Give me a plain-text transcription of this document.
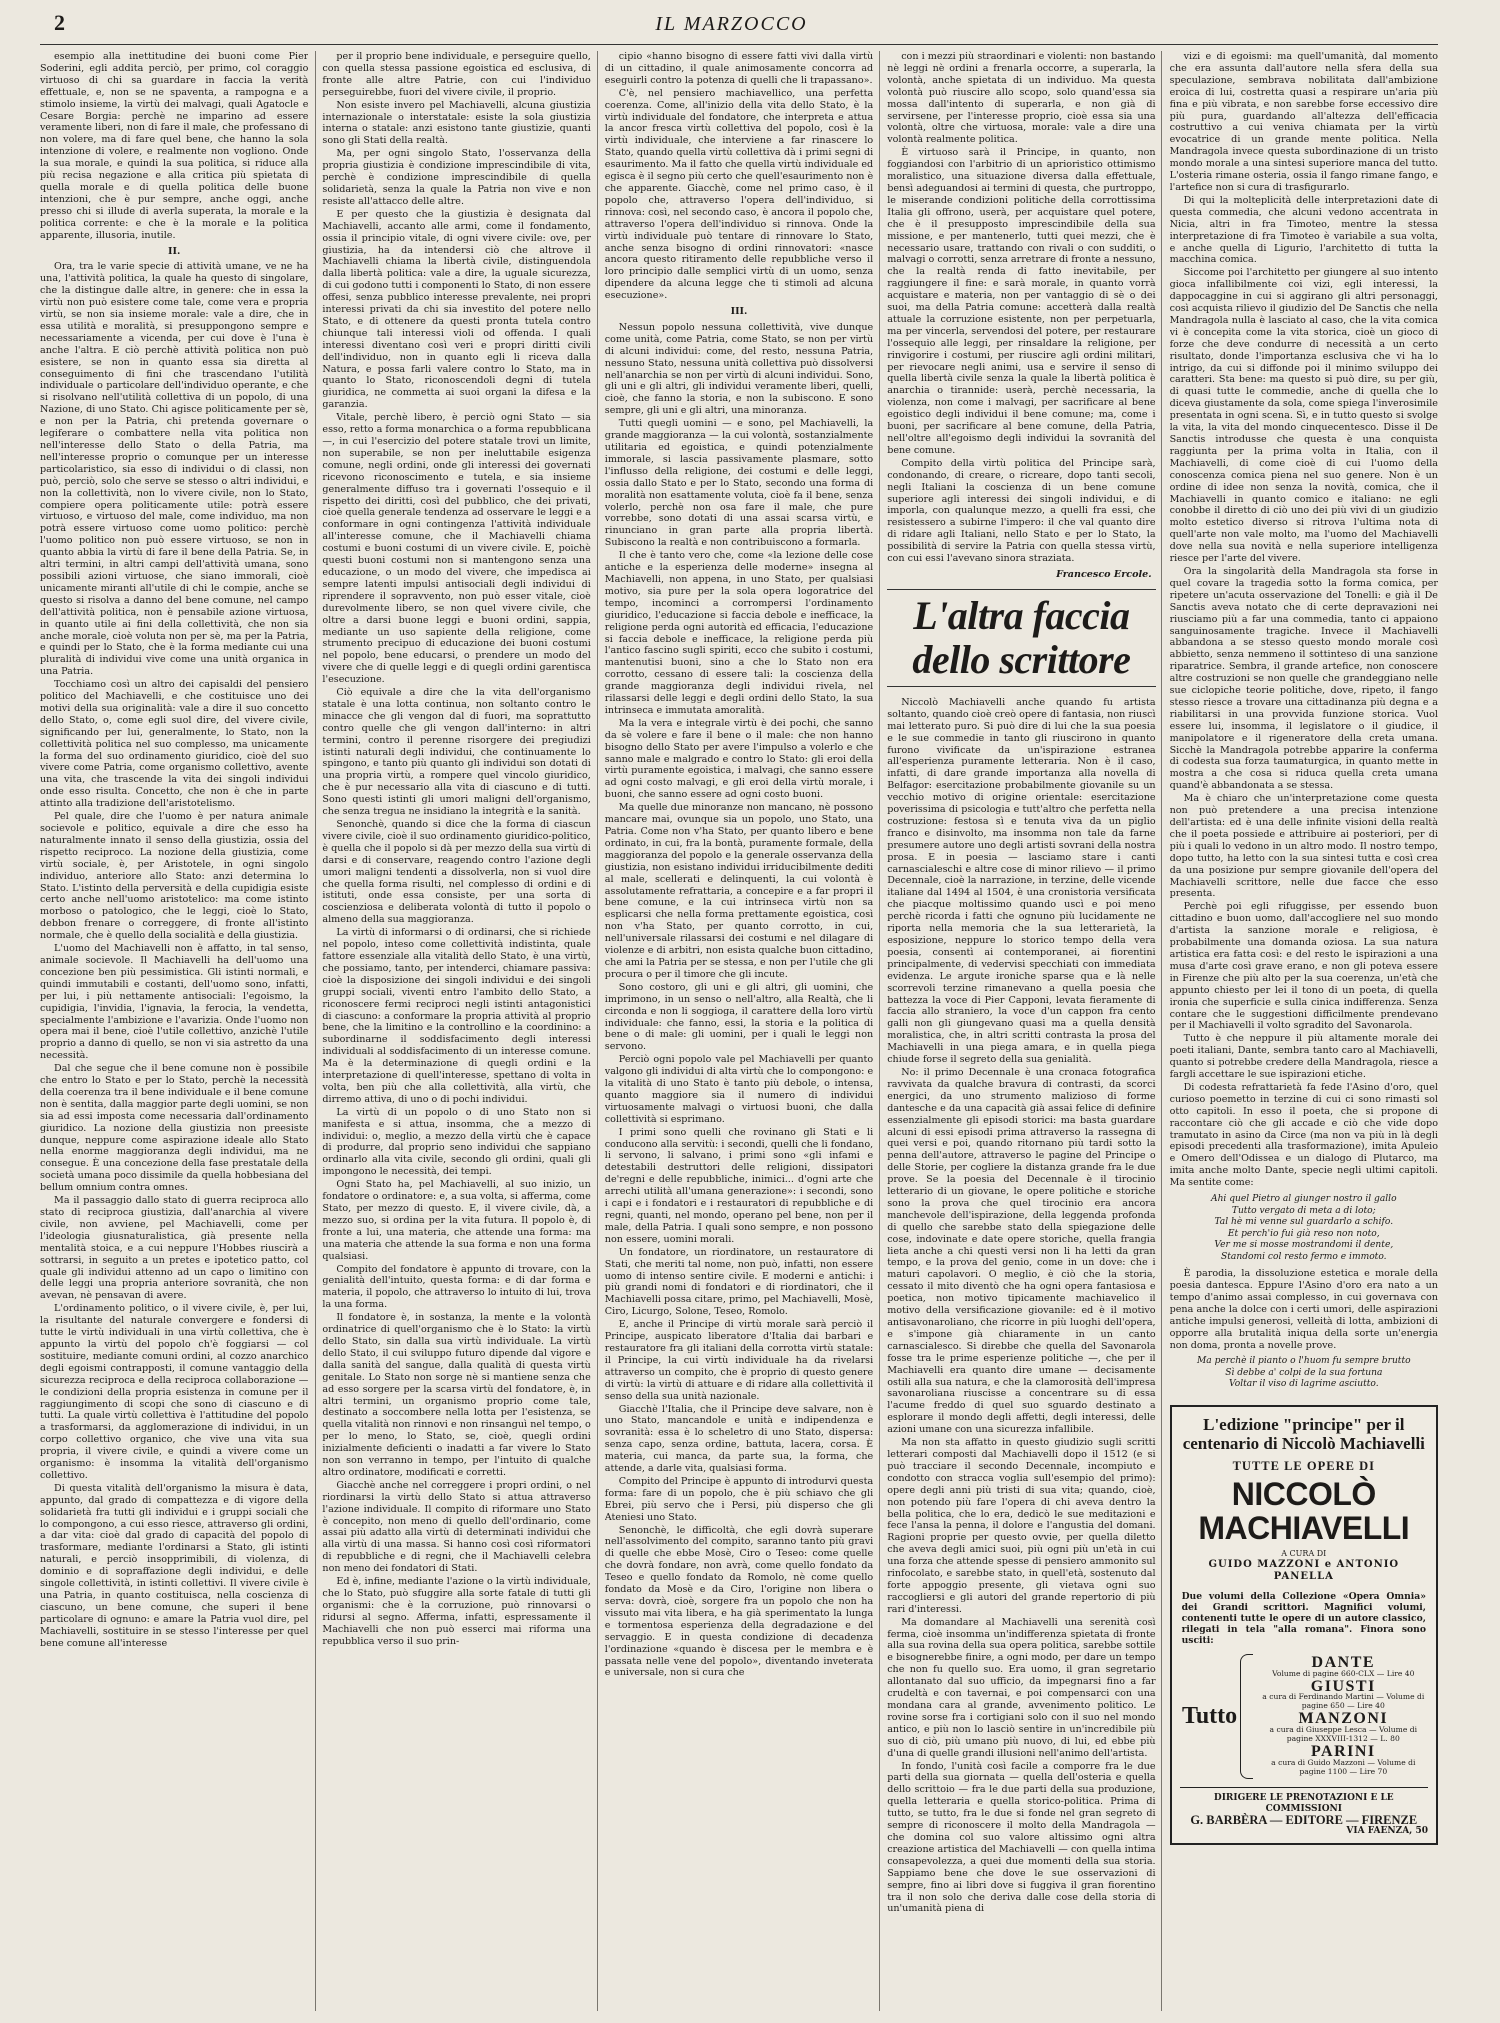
2	IL MARZOCCO

esempio alla inettitudine dei buoni come Pier Soderini, egli addita perciò, per primo, col coraggio virtuoso di chi sa guardare in faccia la verità effettuale, e, non se ne spaventa, a rampogna e a stimolo insieme, la virtù dei malvagi, quali Agatocle e Cesare Borgia: perchè ne imparino ad essere veramente liberi, non di fare il male, che professano di non volere, ma di fare quel bene, che hanno la sola intenzione di volere, e realmente non vogliono. Onde la sua morale, e quindi la sua politica, si riduce alla più recisa negazione e alla critica più spietata di quella morale e di quella politica delle buone intenzioni, che è pur sempre, anche oggi, anche presso chi si illude di averla superata, la morale e la politica corrente: e che è la morale e la politica apparente, illusoria, inutile.

II.

Ora, tra le varie specie di attività umane, ve ne ha una, l'attività politica, la quale ha questo di singolare, che la distingue dalle altre, in genere: che in essa la virtù non può esistere come tale, come vera e propria virtù, se non sia insieme morale: vale a dire, che in essa utilità e moralità, si presuppongono sempre e necessariamente a vicenda, per cui dove è l'una è anche l'altra. E ciò perchè attività politica non può esistere, se non in quanto essa sia diretta al conseguimento di fini che trascendano l'utilità individuale o particolare dell'individuo operante, e che si risolvano nell'utilità collettiva di un popolo, di una Nazione, di uno Stato. Chi agisce politicamente per sè, e non per la Patria, chi pretenda governare o legiferare o combattere nella vita politica non nell'interesse dello Stato o della Patria, ma nell'interesse proprio o comunque per un interesse particolaristico, sia esso di individui o di classi, non può, perciò, solo che serve se stesso o altri individui, e non la collettività, non lo vivere civile, non lo Stato, compiere opera politicamente utile: potrà essere virtuoso, e virtuoso del male, come individuo, ma non potrà essere virtuoso come uomo politico: perchè l'uomo politico non può essere virtuoso, se non in quanto abbia la virtù di fare il bene della Patria. Se, in altri termini, in altri campi dell'attività umana, sono possibili azioni virtuose, che siano immorali, cioè unicamente miranti all'utile di chi le compie, anche se questo si risolva a danno del bene comune, nel campo dell'attività politica, non è pensabile azione virtuosa, in quanto utile ai fini della collettività, che non sia anche morale, cioè voluta non per sè, ma per la Patria, e quindi per lo Stato, che è la forma mediante cui una pluralità di individui vive come una unità organica in una Patria.

Tocchiamo così un altro dei capisaldi del pensiero politico del Machiavelli, e che costituisce uno dei motivi della sua originalità: vale a dire il suo concetto dello Stato, o, come egli suol dire, del vivere civile, significando per lui, generalmente, lo Stato, non la collettività politica nel suo complesso, ma unicamente la forma del suo ordinamento giuridico, cioè del suo vivere come Patria, come organismo collettivo, avente una vita, che trascende la vita dei singoli individui onde esso risulta. Concetto, che non è che in parte attinto alla tradizione dell'aristotelismo.

Pel quale, dire che l'uomo è per natura animale socievole e politico, equivale a dire che esso ha naturalmente innato il senso della giustizia, ossia del rispetto reciproco. La nozione della giustizia, come virtù sociale, è, per Aristotele, in ogni singolo individuo, anteriore allo Stato: anzi determina lo Stato. L'istinto della perversità e della cupidigia esiste certo anche nell'uomo aristotelico: ma come istinto morboso o patologico, che le leggi, cioè lo Stato, debbon frenare o correggere, di fronte all'istinto normale, che è quello della socialità e della giustizia.

L'uomo del Machiavelli non è affatto, in tal senso, animale socievole. Il Machiavelli ha dell'uomo una concezione ben più pessimistica. Gli istinti normali, e quindi immutabili e costanti, dell'uomo sono, infatti, per lui, i più nettamente antisociali: l'egoismo, la cupidigia, l'invidia, l'ignavia, la ferocia, la vendetta, specialmente l'ambizione e l'avarizia. Onde l'uomo non opera mai il bene, cioè l'utile collettivo, anzichè l'utile proprio a danno di quello, se non vi sia astretto da una necessità.

Dal che segue che il bene comune non è possibile che entro lo Stato e per lo Stato, perchè la necessità della coerenza tra il bene individuale e il bene comune non è sentita, dalla maggior parte degli uomini, se non sia ad essi imposta come necessaria dall'ordinamento giuridico. La nozione della giustizia non preesiste dunque, neppure come aspirazione ideale allo Stato nella enorme maggioranza degli individui, ma ne consegue. È una concezione della fase prestatale della società umana poco dissimile da quella hobbesiana del bellum omnium contra omnes.

Ma il passaggio dallo stato di guerra reciproca allo stato di reciproca giustizia, dall'anarchia al vivere civile, non avviene, pel Machiavelli, come per l'ideologia giusnaturalistica, già presente nella mentalità stoica, e a cui neppure l'Hobbes riuscirà a sottrarsi, in seguito a un pretes e ipotetico patto, col quale gli individui attenno ad un capo o limitino con delle leggi una propria anteriore sovranità, che non avevan, nè pensavan di avere.

L'ordinamento politico, o il vivere civile, è, per lui, la risultante del naturale convergere e fondersi di tutte le virtù individuali in una virtù collettiva, che è appunto la virtù del popolo ch'è foggiarsi — col sostituire, mediante comuni ordini, al cozzo anarchico degli egoismi contrapposti, il comune vantaggio della sicurezza reciproca e della reciproca collaborazione — le condizioni della propria esistenza in comune per il raggiungimento di scopi che sono di ciascuno e di tutti. La quale virtù collettiva è l'attitudine del popolo a trasformarsi, da agglomerazione di individui, in un corpo collettivo organico, che vive una vita sua propria, il vivere civile, e quindi a vivere come un organismo: è insomma la vitalità dell'organismo collettivo.

Di questa vitalità dell'organismo la misura è data, appunto, dal grado di compattezza e di vigore della solidarietà fra tutti gli individui e i gruppi sociali che lo compongono, a cui esso riesce, attraverso gli ordini, a dar vita: cioè dal grado di capacità del popolo di trasformare, mediante l'ordinarsi a Stato, gli istinti naturali, e perciò insopprimibili, di violenza, di dominio e di sopraffazione degli individui, e delle singole collettività, in istinti collettivi. Il vivere civile è una Patria, in quanto costituisca, nella coscienza di ciascuno, un bene comune, che superi il bene particolare di ognuno: e amare la Patria vuol dire, pel Machiavelli, sostituire in se stesso l'interesse per quel bene comune all'interesse

per il proprio bene individuale, e perseguire quello, con quella stessa passione egoistica ed esclusiva, di fronte alle altre Patrie, con cui l'individuo perseguirebbe, fuori del vivere civile, il proprio.

Non esiste invero pel Machiavelli, alcuna giustizia internazionale o interstatale: esiste la sola giustizia interna o statale: anzi esistono tante giustizie, quanti sono gli Stati della realtà.

Ma, per ogni singolo Stato, l'osservanza della propria giustizia è condizione imprescindibile di vita, perchè è condizione imprescindibile di quella solidarietà, senza la quale la Patria non vive e non resiste all'attacco delle altre.

E per questo che la giustizia è designata dal Machiavelli, accanto alle armi, come il fondamento, ossia il principio vitale, di ogni vivere civile: ove, per giustizia, ha da intendersi ciò che altrove il Machiavelli chiama la libertà civile, distinguendola dalla libertà politica: vale a dire, la uguale sicurezza, di cui godono tutti i componenti lo Stato, di non essere offesi, senza pubblico interesse prevalente, nei propri interessi privati da chi sia investito del potere nello Stato, e di ottenere da questi pronta tutela contro chiunque tali interessi violi od offenda. I quali interessi diventano così veri e propri diritti civili dell'individuo, non in quanto egli li riceva dalla Natura, e possa farli valere contro lo Stato, ma in quanto lo Stato, riconoscendoli degni di tutela giuridica, ne commetta ai suoi organi la difesa e la garanzia.

Vitale, perchè libero, è perciò ogni Stato — sia esso, retto a forma monarchica o a forma repubblicana —, in cui l'esercizio del potere statale trovi un limite, non superabile, se non per ineluttabile esigenza comune, negli ordini, onde gli interessi dei governati ricevono riconoscimento e tutela, e sia insieme generalmente diffuso tra i governati l'ossequio e il rispetto dei diritti, così del pubblico, che dei privati, cioè quella generale tendenza ad osservare le leggi e a conformare in ogni contingenza l'attività individuale all'interesse comune, che il Machiavelli chiama costumi e buoni costumi di un vivere civile. E, poichè questi buoni costumi non si mantengono senza una educazione, o un modo del vivere, che impedisca ai sempre latenti impulsi antisociali degli individui di riprendere il sopravvento, non può esser vitale, cioè durevolmente libero, se non quel vivere civile, che oltre a darsi buone leggi e buoni ordini, sappia, mediante un uso sapiente della religione, come strumento precipuo di educazione dei buoni costumi nel popolo, bene educarsi, o prendere un modo del vivere che di quelle leggi e di quegli ordini garentisca l'esecuzione.

Ciò equivale a dire che la vita dell'organismo statale è una lotta continua, non soltanto contro le minacce che gli vengon dal di fuori, ma soprattutto contro quelle che gli vengon dall'interno: in altri termini, contro il perenne risorgere dei pregiudizi istinti naturali degli individui, che continuamente lo spingono, e tanto più quanto gli individui son dotati di una propria virtù, a rompere quel vincolo giuridico, che è pur necessario alla vita di ciascuno e di tutti. Sono questi istinti gli umori maligni dell'organismo, che senza tregua ne insidiano la integrità e la sanità.

Senonchè, quando si dice che la forma di ciascun vivere civile, cioè il suo ordinamento giuridico-politico, è quella che il popolo si dà per mezzo della sua virtù di darsi e di conservare, reagendo contro l'azione degli umori maligni tendenti a dissolverla, non si vuol dire che quella forma risulti, nel complesso di ordini e di istituti, onde essa consiste, per una sorta di coscienziosa e deliberata volontà di tutto il popolo o almeno della sua maggioranza.

La virtù di informarsi o di ordinarsi, che si richiede nel popolo, inteso come collettività indistinta, quale fattore essenziale alla vitalità dello Stato, è una virtù, che possiamo, tanto, per intenderci, chiamare passiva: cioè la disposizione dei singoli individui e dei singoli gruppi sociali, viventi entro l'ambito dello Stato, a riconoscere fermi reciproci negli istinti antagonistici di ciascuno: a conformare la propria attività al proprio bene, che la limitino e la controllino e la coordinino: a subordinarne il soddisfacimento degli interessi individuali al soddisfacimento di un interesse comune. Ma è la determinazione di quegli ordini e la interpretazione di quell'interesse, spettano di volta in volta, ben più che alla collettività, alla virtù, che dirremo attiva, di uno o di pochi individui.

La virtù di un popolo o di uno Stato non si manifesta e si attua, insomma, che a mezzo di individui: o, meglio, a mezzo della virtù che è capace di produrre, dal proprio seno individui che sappiano ordinarlo alla vita civile, secondo gli ordini, quali gli impongono le necessità, dei tempi.

Ogni Stato ha, pel Machiavelli, al suo inizio, un fondatore o ordinatore: e, a sua volta, si afferma, come Stato, per mezzo di questo. E, il vivere civile, dà, a mezzo suo, si ordina per la vita futura. Il popolo è, di fronte a lui, una materia, che attende una forma: ma una materia che attende la sua forma e non una forma qualsiasi.

Compito del fondatore è appunto di trovare, con la genialità dell'intuito, questa forma: e di dar forma e materia, il popolo, che attraverso lo intuito di lui, trova la una forma.

Il fondatore è, in sostanza, la mente e la volontà ordinatrice di quell'organismo che è lo Stato: la virtù dello Stato, sin dalla sua virtù individuale. La virtù dello Stato, il cui sviluppo futuro dipende dal vigore e dalla sanità del sangue, dalla qualità di questa virtù genitale. Lo Stato non sorge nè si mantiene senza che ad esso sorgere per la scarsa virtù del fondatore, è, in altri termini, un organismo proprio come tale, destinato a soccombere nella lotta per l'esistenza, se quella vitalità non rinnovi e non rinsanguì nel tempo, o per lo meno, lo Stato, se, cioè, quegli ordini inizialmente deficienti o inadatti a far vivere lo Stato non son verranno in tempo, per l'intuito di qualche altro ordinatore, modificati e corretti.

Giacchè anche nel correggere i propri ordini, o nel riordinarsi la virtù dello Stato si attua attraverso l'azione individuale. Il compito di riformare uno Stato è concepito, non meno di quello dell'ordinario, come assai più adatto alla virtù di determinati individui che alla virtù di una massa. Si hanno così così riformatori di repubbliche e di regni, che il Machiavelli celebra non meno dei fondatori di Stati.

Ed è, infine, mediante l'azione o la virtù individuale, che lo Stato, può sfuggire alla sorte fatale di tutti gli organismi: che è la corruzione, può rinnovarsi o ridursi al segno. Afferma, infatti, espressamente il Machiavelli che non può esserci mai riforma una repubblica verso il suo prin-

cipio «hanno bisogno di essere fatti vivi dalla virtù di un cittadino, il quale animosamente concorra ad eseguirli contro la potenza di quelli che li trapassano».

C'è, nel pensiero machiavellico, una perfetta coerenza. Come, all'inizio della vita dello Stato, è la virtù individuale del fondatore, che interpreta e attua la ancor fresca virtù collettiva del popolo, così è la virtù individuale, che interviene a far rinascere lo Stato, quando quella virtù collettiva dà i primi segni di esaurimento. Ma il fatto che quella virtù individuale ed egisca è il segno più certo che quell'esaurimento non è che apparente. Giacchè, come nel primo caso, è il popolo che, attraverso l'opera dell'individuo, si rinnova: così, nel secondo caso, è ancora il popolo che, attraverso l'opera dell'individuo si rinnova. Onde la virtù individuale può tentare di rinnovare lo Stato, anche senza bisogno di ordini rinnovatori: «nasce ancora questo ritiramento delle repubbliche verso il loro principio dalle semplici virtù di un uomo, senza dipendere da alcuna legge che ti stimoli ad alcuna esecuzione».

III.

Nessun popolo nessuna collettività, vive dunque come unità, come Patria, come Stato, se non per virtù di alcuni individui: come, del resto, nessuna Patria, nessuno Stato, nessuna unità collettiva può dissolversi nell'anarchia se non per virtù di alcuni individui. Sono, gli uni e gli altri, gli individui veramente liberi, quelli, cioè, che fanno la storia, e non la subiscono. E sono sempre, gli uni e gli altri, una minoranza.

Tutti quegli uomini — e sono, pel Machiavelli, la grande maggioranza — la cui volontà, sostanzialmente utilitaria ed egoistica, e quindi potenzialmente immorale, si lascia passivamente plasmare, sotto l'influsso della religione, dei costumi e delle leggi, ossia dallo Stato e per lo Stato, secondo una forma di moralità non esattamente voluta, cioè fa il bene, senza volerlo, perchè non osa fare il male, che pure vorrebbe, sono dotati di una assai scarsa virtù, e rinunciano in gran parte alla propria libertà. Subiscono la realtà e non contribuiscono a formarla.

Il che è tanto vero che, come «la lezione delle cose antiche e la esperienza delle moderne» insegna al Machiavelli, non appena, in uno Stato, per qualsiasi motivo, sia pure per la sola opera logoratrice del tempo, incominci a corrompersi l'ordinamento giuridico, l'educazione si faccia debole e inefficace, la religione perda ogni autorità ed efficacia, l'educazione si faccia debole e inefficace, la religione perda più l'antico fascino sugli spiriti, ecco che subito i costumi, mantenutisi buoni, sino a che lo Stato non era corrotto, cessano di essere tali: la coscienza della grande maggioranza degli individui rivela, nel rilassarsi delle leggi e degli ordini dello Stato, la sua intrinseca e immutata amoralità.

Ma la vera e integrale virtù è dei pochi, che sanno da sè volere e fare il bene o il male: che non hanno bisogno dello Stato per avere l'impulso a volerlo e che sanno male e malgrado e contro lo Stato: gli eroi della virtù puramente egoistica, i malvagi, che sanno essere ad ogni costo malvagi, e gli eroi della virtù morale, i buoni, che sanno essere ad ogni costo buoni.

Ma quelle due minoranze non mancano, nè possono mancare mai, ovunque sia un popolo, uno Stato, una Patria. Come non v'ha Stato, per quanto libero e bene ordinato, in cui, fra la bontà, puramente formale, della maggioranza del popolo e la generale osservanza della giustizia, non esistano individui irriducibilmente dediti al male, scellerati e delinquenti, la cui volontà è assolutamente refrattaria, a concepire e a far propri il bene comune, e la cui intrinseca virtù non sa esplicarsi che nella forma prettamente egoistica, così non v'ha Stato, per quanto corrotto, in cui, nell'universale rilassarsi dei costumi e nel dilagare di violenze e di arbitri, non esista qualche buon cittadino, che ami la Patria per se stessa, e non per l'utile che gli procura o per il timore che gli incute.

Sono costoro, gli uni e gli altri, gli uomini, che imprimono, in un senso o nell'altro, alla Realtà, che li circonda e non li soggioga, il carattere della loro virtù individuale: che fanno, essi, la storia e la politica di bene o di male: gli uomini, per i quali le leggi non servono.

Perciò ogni popolo vale pel Machiavelli per quanto valgono gli individui di alta virtù che lo compongono: e la vitalità di uno Stato è tanto più debole, o intensa, quanto maggiore sia il numero di individui virtuosamente malvagi o virtuosi buoni, che dalla collettività si esprimano.

I primi sono quelli che rovinano gli Stati e li conducono alla servitù: i secondi, quelli che li fondano, li servono, li salvano, i primi sono «gli infami e detestabili destruttori delle religioni, dissipatori de'regni e delle repubbliche, inimici... d'ogni arte che arrechi utilità all'umana generazione»: i secondi, sono i capi e i fondatori e i restauratori di repubbliche e di regni, quanti, nel mondo, operano pel bene, non per il male, della Patria. I quali sono sempre, e non possono non essere, uomini morali.

Un fondatore, un riordinatore, un restauratore di Stati, che meriti tal nome, non può, infatti, non essere uomo di intenso sentire civile. E moderni e antichi: i più grandi nomi di fondatori e di riordinatori, che il Machiavelli possa citare, primo, pel Machiavelli, Mosè, Ciro, Licurgo, Solone, Teseo, Romolo.

E, anche il Principe di virtù morale sarà perciò il Principe, auspicato liberatore d'Italia dai barbari e restauratore fra gli italiani della corrotta virtù statale: il Principe, la cui virtù individuale ha da rivelarsi attraverso un compito, che è proprio di questo genere di virtù: la virtù di attuare e di ridare alla collettività il senso della sua unità nazionale.

Giacchè l'Italia, che il Principe deve salvare, non è uno Stato, mancandole e unità e indipendenza e sovranità: essa è lo scheletro di uno Stato, dispersa: senza capo, senza ordine, battuta, lacera, corsa. È materia, cui manca, da parte sua, la forma, che attende, a darle vita, qualsiasi forma.

Compito del Principe è appunto di introdurvi questa forma: fare di un popolo, che è più schiavo che gli Ebrei, più servo che i Persi, più disperso che gli Ateniesi uno Stato.

Senonchè, le difficoltà, che egli dovrà superare nell'assolvimento del compito, saranno tanto più gravi di quelle che ebbe Mosè, Ciro o Teseo: come quelle che dovrà fondare, non avrà, come quello fondato da Teseo e quello fondato da Romolo, nè come quello fondato da Mosè e da Ciro, l'origine non libera o serva: dovrà, cioè, sorgere fra un popolo che non ha vissuto mai vita libera, e ha già sperimentato la lunga e tormentosa esperienza della degradazione e del servaggio. E in questa condizione di decadenza l'ordinazione «quando è discesa per le membra e è passata nelle vene del popolo», diventando inveterata e universale, non si cura che

con i mezzi più straordinari e violenti: non bastando nè leggi nè ordini a frenarla occorre, a superarla, la volontà, anche spietata di un individuo. Ma questa volontà può riuscire allo scopo, solo quand'essa sia mossa dall'intento di superarla, e non già di servirsene, per l'interesse proprio, cioè essa sia una volontà, oltre che virtuosa, morale: vale a dire una volontà realmente politica.

È virtuoso sarà il Principe, in quanto, non foggiandosi con l'arbitrio di un aprioristico ottimismo moralistico, una situazione diversa dalla effettuale, bensì adeguandosi ai termini di questa, che purtroppo, le miserande condizioni politiche della corrottissima Italia gli offrono, userà, per acquistare quel potere, che è il presupposto imprescindibile della sua missione, e per mantenerlo, tutti quei mezzi, che è necessario usare, trattando con rivali o con sudditi, o malvagi o corrotti, senza arretrare di fronte a nessuno, che la realtà renda di fatto inevitabile, per raggiungere il fine: e sarà morale, in quanto vorrà acquistare e materia, non per vantaggio di sè o dei suoi, ma della Patria comune: accetterà dalla realtà attuale la corruzione esistente, non per perpetuarla, ma per vincerla, servendosi del potere, per restaurare l'ossequio alle leggi, per rinsaldare la religione, per rinvigorire i costumi, per riuscire agli ordini militari, per rievocare negli animi, usa e servire il senso di quella libertà civile senza la quale la libertà politica è anarchia o tirannide: userà, perchè necessaria, la violenza, non come i malvagi, per sacrificare al bene egoistico degli individui il bene comune; ma, come i buoni, per sacrificare al bene comune, della Patria, nell'oltre all'egoismo degli individui la sovranità del bene comune.

Compito della virtù politica del Principe sarà, condonando, di creare, o ricreare, dopo tanti secoli, negli Italiani la coscienza di un bene comune superiore agli interessi dei singoli individui, e di imporla, con qualunque mezzo, a quelli fra essi, che resistessero a subirne l'impero: il che val quanto dire di ridare agli Italiani, nello Stato e per lo Stato, la possibilità di servire la Patria con quella stessa virtù, con cui essi l'avevano sinora straziata.

Francesco Ercole.

L'altra faccia dello scrittore

Niccolò Machiavelli anche quando fu artista soltanto, quando cioè creò opere di fantasia, non riuscì mai letterato puro. Si può dire di lui che la sua poesia e le sue commedie in tanto gli riuscirono in quanto furono vivificate da un'ispirazione estranea all'esperienza puramente letteraria. Non è il caso, infatti, di dare grande importanza alla novella di Belfagor: esercitazione probabilmente giovanile su un vecchio motivo di origine orientale: esercitazione poverissima di psicologia e tutt'altro che perfetta nella costruzione: festosa sì e tenuta viva da un piglio franco e disinvolto, ma insomma non tale da farne presumere autore uno degli artisti sovrani della nostra prosa. E in poesia — lasciamo stare i canti carnascialeschi e altre cose di minor rilievo — il primo Decennale, cioè la narrazione, in terzine, delle vicende italiane dal 1494 al 1504, è una cronistoria versificata che piacque moltissimo quando uscì e poi meno perchè ricorda i fatti che ognuno più lucidamente ne riporta nella memoria che la sua letterarietà, la esposizione, neppure lo storico tempo della vera poesia, consentì ai contemporanei, ai fiorentini principalmente, di vedervisi specchiati con immediata evidenza. Le argute ironiche sparse qua e là nelle scorrevoli terzine rimanevano a quella poesia che battezza la voce di Pier Capponi, levata fieramente di faccia allo straniero, la voce d'un cappon fra cento galli non gli giungevano quasi ma a quella densità moralistica, che, in altri scritti contrasta la prosa del Machiavelli in una piega amara, e in quella piega chiude forse il segreto della sua genialità.

No: il primo Decennale è una cronaca fotografica ravvivata da qualche bravura di contrasti, da scorci energici, da uno strumento malizioso di forme dantesche e da una capacità già assai felice di definire essenzialmente gli episodi storici: ma basta guardare alcuni di essi episodi prima attraverso la rassegna di quei versi e poi, quando ritornano più tardi sotto la penna dell'autore, attraverso le pagine del Principe o delle Storie, per cogliere la distanza grande fra le due prove. Se la poesia del Decennale è il tirocinio letterario di un giovane, le opere politiche e storiche sono la prova che quel tirocinio era ancora manchevole dell'ispirazione, della leggenda profonda di quello che sarebbe stato della spiegazione delle cose, indovinate e date opere storiche, quella frangia lieta anche a chi questi versi non li ha letti da gran tempo, e la prova del genio, come in un dove: che i maturi capolavori. O meglio, è ciò che la storia, cessato il mito diventò che ha ogni opera fantasiosa e poetica, non motivo tipicamente machiavelico il motivo della versificazione giovanile: ed è il motivo antisavonaroliano, che ricorre in più luoghi dell'opera, e s'impone già chiaramente in un canto carnascialesco. Si direbbe che quella del Savonarola fosse tra le prime esperienze politiche —, che per il Machiavelli era quanto dire umane — decisamente ostili alla sua natura, e che la clamorosità dell'impresa savonaroliana riuscisse a concentrare su di essa l'acume freddo di quel suo sguardo destinato a esplorare il mondo degli affetti, degli interessi, delle azioni umane con una sicurezza infallibile.

Ma non sta affatto in questo giudizio sugli scritti letterari composti dal Machiavelli dopo il 1512 (e si può tracciare il secondo Decennale, incompiuto e condotto con stracca voglia sull'esempio del primo): opere degli anni più tristi di sua vita; quando, cioè, non potendo più fare l'opera di chi aveva dentro la bella politica, che lo era, dedicò le sue meditazioni e fece l'ansa la penna, il dolore e l'angustia del domani. Ragioni proprie per questo ovvie, per quella diletto che aveva degli amici suoi, più ogni più un'età in cui una forza che attende spesse di pensiero ammonito sul rinfocolato, e sarebbe stato, in quell'età, sostenuto dal forte appoggio presente, gli vietava ogni suo raccogliersi e gli autori del grande repertorio di più rari d'interessi.

Ma domandare al Machiavelli una serenità così ferma, cioè insomma un'indifferenza spietata di fronte alla sua rovina della sua opera politica, sarebbe sottile e bisognerebbe finire, a ogni modo, per dare un tempo che non fu quello suo. Era uomo, il gran segretario allontanato dal suo ufficio, da impegnarsi fino a far crudeltà e con tavernai, e poi compensarci con una mondana cara al grande, avvenimento politico. Le rovine sorse fra i cortigiani solo con il suo nel mondo antico, e più non lo lasciò sentire in un'incredibile più suo di ciò, più umano più nuovo, di lui, ed ebbe più d'una di quelle grandi illusioni nell'animo dell'artista.

In fondo, l'unità così facile a comporre fra le due parti della sua giornata — quella dell'osteria e quella dello scrittoio — fra le due parti della sua produzione, quella letteraria e quella storico-politica. Prima di tutto, se tutto, fra le due si fonde nel gran segreto di sempre di riconoscere il molto della Mandragola — che domina col suo valore altissimo ogni altra creazione artistica del Machiavelli — con quella intima consapevolezza, a quei due momenti della sua storia. Sappiamo bene che dove le sue osservazioni di sempre, fino ai libri dove si fuggiva il gran fiorentino tra il non solo che deriva dalle cose della storia di un'umanità piena di

vizi e di egoismi: ma quell'umanità, dal momento che era assunta dall'autore nella sfera della sua speculazione, sembrava nobilitata dall'ambizione eroica di lui, costretta quasi a respirare un'aria più fina e più vibrata, e non sarebbe forse eccessivo dire più pura, guardando all'altezza dell'efficacia costruttivo a cui veniva chiamata per la virtù evocatrice di un grande mente politica. Nella Mandragola invece questa subordinazione di un tristo mondo morale a una sintesi superiore manca del tutto. L'osteria rimane osteria, ossia il fango rimane fango, e l'artefice non si cura di trasfigurarlo.

Di qui la molteplicità delle interpretazioni date di questa commedia, che alcuni vedono accentrata in Nicia, altri in fra Timoteo, mentre la stessa interpretazione di fra Timoteo è variabile a sua volta, e anche quella di Ligurio, l'architetto di tutta la macchina comica.

Siccome poi l'architetto per giungere al suo intento gioca infallibilmente coi vizi, egli interessi, la dappocaggine in cui si aggirano gli altri personaggi, così acquista rilievo il giudizio del De Sanctis che nella Mandragola nulla è lasciato al caso, che la vita comica vi è concepita come la vita storica, cioè un gioco di forze che deve condurre di necessità a un certo risultato, donde l'importanza esclusiva che vi ha lo intrigo, da cui si diffonde poi il minimo sviluppo dei caratteri. Sta bene: ma questo si può dire, su per giù, di quasi tutte le commedie, anche di quella che lo diceva giustamente da sola, come spiega l'inverosimile presentata in ogni scena. Sì, e in tutto questo si svolge la vita, la vita del mondo cinquecentesco. Disse il De Sanctis introdusse che questa è una conquista raggiunta per la prima volta in Italia, con il Machiavelli, di come cioè di cui l'uomo della conoscenza comica piena nel suo genere. Non è un ordine di idee non senza la novità, comica, che il Machiavelli in quanto comico e italiano: ne egli conobbe il diretto di ciò uno dei più vivi di un giudizio molto estetico diverso si ritrova l'ultima nota di quell'arte non vale molto, ma l'uomo del Machiavelli dove nella sua novità e nella superiore intelligenza riesce per l'arte del vivere.

Ora la singolarità della Mandragola sta forse in quel covare la tragedia sotto la forma comica, per ripetere un'acuta osservazione del Tonelli: e già il De Sanctis aveva notato che di certe depravazioni nei riusciamo più a far una commedia, tanto ci appaiono sanguinosamente tragiche. Invece il Machiavelli abbandona a se stesso questo mondo morale così abbietto, senza nemmeno il sottinteso di una sanzione riparatrice. Sembra, il grande artefice, non conoscere altre costruzioni se non quelle che grandeggiano nelle sue ciclopiche teorie politiche, dove, ripeto, il fango stesso riesce a trovare una cittadinanza più degna e a riabilitarsi in una provvida funzione storica. Vuol essere lui, insomma, il legislatore o il giudice, il manipolatore e il rigeneratore della creta umana. Sicchè la Mandragola potrebbe apparire la conferma di codesta sua forza taumaturgica, in quanto mette in mostra a che cosa si riduca quella creta umana quand'è abbandonata a se stessa.

Ma è chiaro che un'interpretazione come questa non può pretendere a una precisa intenzione dell'artista: ed è una delle infinite visioni della realtà che il poeta possiede e attribuire ai posteriori, per di più i quali lo vedono in un altro modo. Il nostro tempo, dopo tutto, ha letto con la sua sintesi tutta e così crea da una posizione pur sempre giovanile dell'opera del Machiavelli scrittore, nelle due facce che esso presenta.

Perchè poi egli rifuggisse, per essendo buon cittadino e buon uomo, dall'accogliere nel suo mondo d'artista la sanzione morale e religiosa, è probabilmente una domanda oziosa. La sua natura artistica era fatta così: e del resto le ispirazioni a una musa d'arte così grave erano, e non gli poteva essere in Firenze che più alto per la sua coerenza, un'età che appunto chiesto per lei il tono di un poeta, di quella ironia che superficie e sulla cinica indifferenza. Senza contare che le suggestioni difficilmente prendevano per il Machiavelli il volto sgradito del Savonarola.

Tutto è che neppure il più altamente morale dei poeti italiani, Dante, sembra tanto caro al Machiavelli, quanto si potrebbe credere della Mandragola, riesce a fargli accettare le sue ispirazioni etiche.

Di codesta refrattarietà fa fede l'Asino d'oro, quel curioso poemetto in terzine di cui ci sono rimasti sol otto capitoli. In esso il poeta, che si propone di raccontare ciò che gli accade e ciò che vide dopo tramutato in asino da Circe (ma non va più in là degli episodi precedenti alla trasformazione), imita Apuleio e Omero dell'Odissea e un dialogo di Plutarco, ma imita anche molto Dante, specie negli ultimi capitoli. Ma sentite come:

Ahi quel Pietro al giunger nostro il gallo
Tutto vergato di meta a di loto;
Tal hè mi venne sul guardarlo a schifo.
Et perch'io fui già reso non noto,
Ver me si mosse mostrandomi il dente,
Standomi col resto fermo e immoto.

È parodia, la dissoluzione estetica e morale della poesia dantesca. Eppure l'Asino d'oro era nato a un tempo d'animo assai complesso, in cui governava con pena anche la dolce con i certi umori, delle aspirazioni antiche impulsi generosi, velleità di lotta, ambizioni di opporre alla brutalità iniqua della sorte un'energia non doma, pronta a novelle prove.

Ma perchè il pianto o l'huom fu sempre brutto
Sì debbe a' colpi de la sua fortuna
Voltar il viso di lagrime asciutto.
L'edizione "principe" per il centenario di Niccolò Machiavelli
TUTTE LE OPERE DI
NICCOLÒ MACHIAVELLI
A CURA DI
GUIDO MAZZONI e ANTONIO PANELLA
Due volumi della Collezione «Opera Omnia» dei Grandi scrittori. Magnifici volumi, contenenti tutte le opere di un autore classico, rilegati in tela "alla romana". Finora sono usciti:
Tutto
DANTE
Volume di pagine 660-CLX — Lire 40
GIUSTI
a cura di Ferdinando Martini — Volume di pagine 650 — Lire 40
MANZONI
a cura di Giuseppe Lesca — Volume di pagine XXXVIII-1312 — L. 80
PARINI
a cura di Guido Mazzoni — Volume di pagine 1100 — Lire 70
DIRIGERE LE PRENOTAZIONI E LE COMMISSIONI
G. BARBÈRA — EDITORE — FIRENZE
VIA FAENZA, 50
